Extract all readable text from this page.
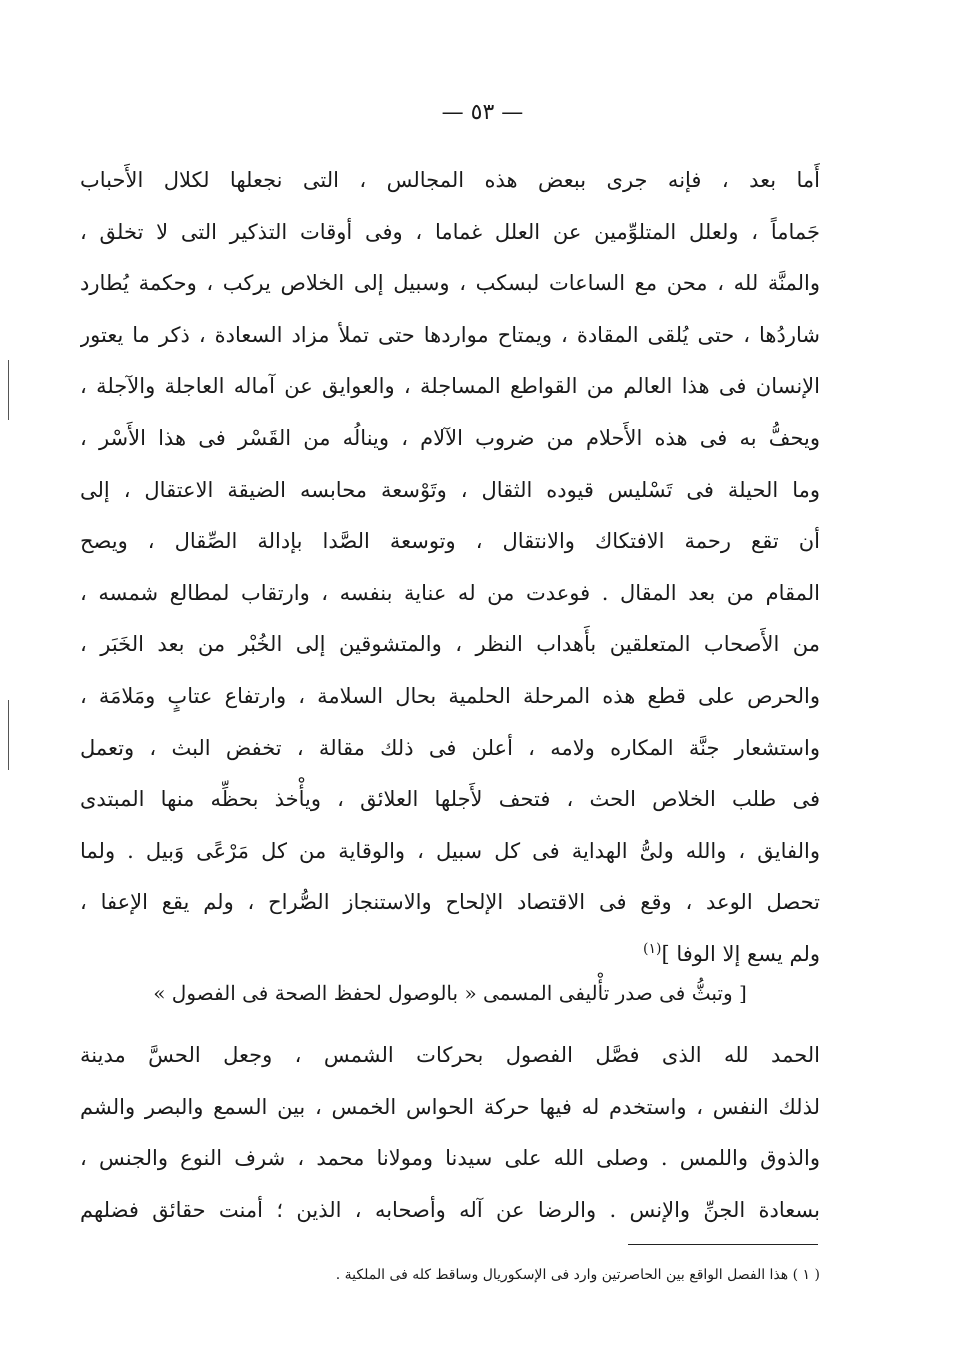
— ٥٣ —
أَما بعد ، فإنه جرى ببعض هذه المجالس ، التى نجعلها لكلال الأَحباب
جَماماً ، ولعلل المتلوِّمين عن العلل غماما ، وفى أوقات التذكير التى لا تخلق ،
والمنَّة لله ، محن مع الساعات لبسكب ، وسبيل إلى الخلاص يركب ، وحكمة يُطارد
شاردُها ، حتى يُلقى المقادة ، ويمتاح مواردها حتى تملأ مزاد السعادة ، ذكر ما يعتور
الإنسان فى هذا العالم من القواطع المساجلة ، والعوايق عن آماله العاجلة والآجلة ،
ويحفُّ به فى هذه الأَحلام من ضروب الآلام ، وينالُه من القَسْر فى هذا الأَسْر ،
وما الحيلة فى تَسْليس قيوده الثقال ، وتَوْسعة محابسه الضيقة الاعتقال ، إلى
أن تقع رحمة الافتكاك والانتقال ، وتوسعة الصَّدا بإدالة الصِّقال ، ويصح
المقام من بعد المقال . فوعدت من له عناية بنفسه ، وارتقاب لمطالع شمسه ،
من الأَصحاب المتعلقين بأَهداب النظر ، والمتشوقين إلى الخُبْر من بعد الخَبَر ،
والحرص على قطع هذه المرحلة الحلمية بحال السلامة ، وارتفاع عتابٍ ومَلامَة ،
واستشعار جنَّة المكاره ولامه ، أعلن فى ذلك مقالة ، تخفض البث ، وتعمل
فى طلب الخلاص الحث ، فتحف لأَجلها العلائق ، ويأْخذ بحظِّه منها المبتدى
والفايق ، والله ولىُّ الهداية فى كل سبيل ، والوقاية من كل مَرْعًى وَبيل . ولما
تحصل الوعد ، وقع فى الاقتصاد الإلحاح والاستنجاز الصُّراح ، ولم يقع الإعفا ،
ولم يسع إلا الوفا ]$^{(١)}$
[ وتبثُّ فى صدر تأْليفى المسمى « بالوصول لحفظ الصحة فى الفصول »
الحمد لله الذى فصَّل الفصول بحركات الشمس ، وجعل الحسَّ مدينة
لذلك النفس ، واستخدم له فيها حركة الحواس الخمس ، بين السمع والبصر والشم
والذوق واللمس . وصلى الله على سيدنا ومولانا محمد ، شرف النوع والجنس ،
بسعادة الجنِّ والإنس . والرضا عن آله وأصحابه ، الذين ؛ أمنت حقائق فضلهم
( ١ ) هذا الفصل الواقع بين الحاصرتين وارد فى الإسكوريال وساقط كله فى الملكية .
